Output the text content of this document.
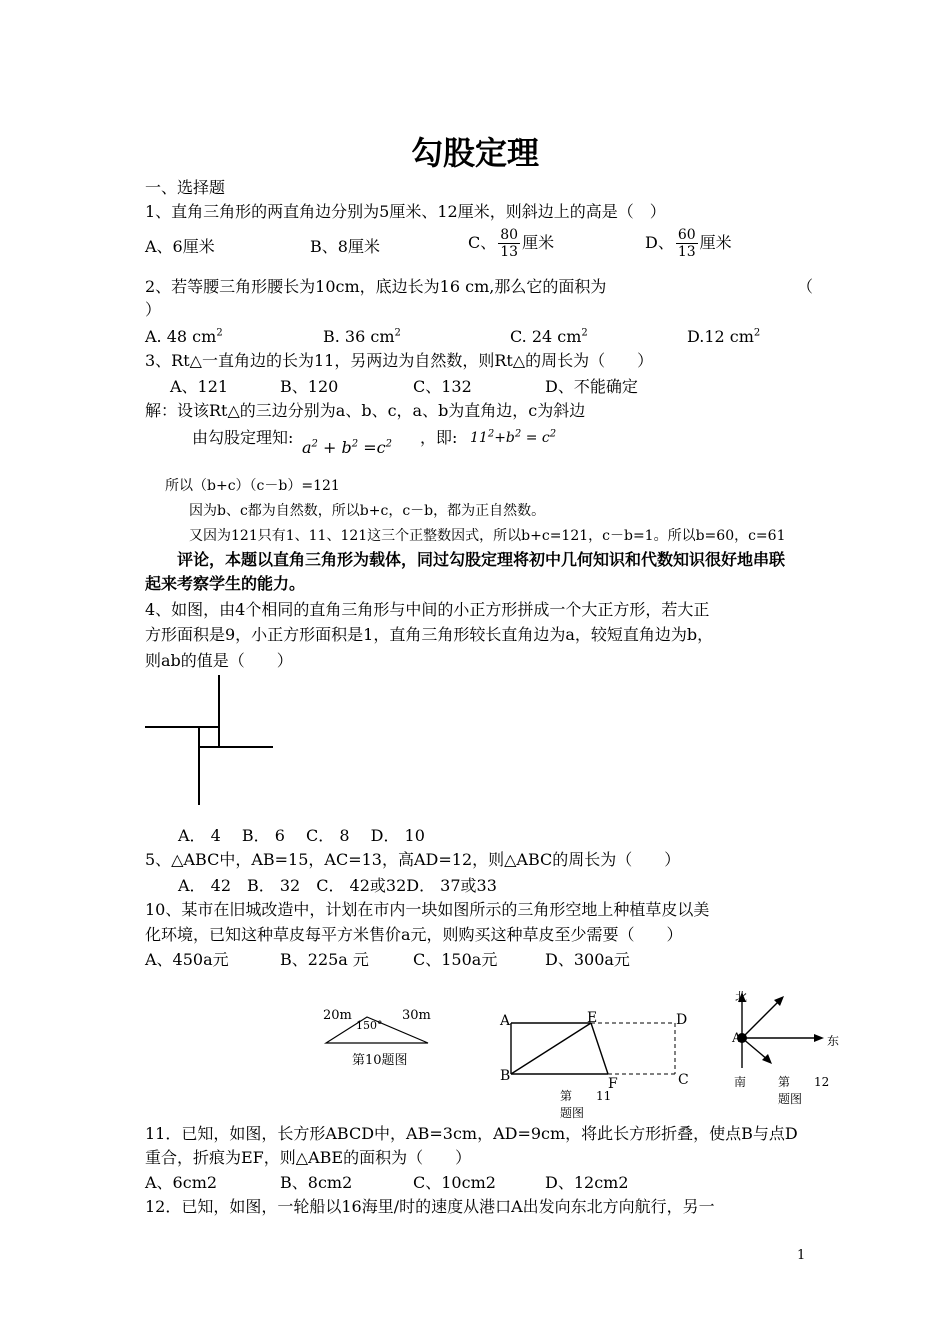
勾股定理
一、选择题
1、直角三角形的两直角边分别为5厘米、12厘米，则斜边上的高是（　）
A、6厘米	B、8厘米	C、 $\frac{80}{13}$ 厘米	D、 $\frac{60}{13}$ 厘米
2、若等腰三角形腰长为10cm，底边长为16 cm,那么它的面积为	（
）
A. 48 $cm^2$	B. 36 $cm^2$	C. 24 $cm^2$	D.12 $cm^2$
3、Rt△一直角边的长为11，另两边为自然数，则Rt△的周长为（　　）
A、121	B、120	C、132	D、不能确定
解：设该Rt△的三边分别为a、b、c，a、b为直角边，c为斜边
由勾股定理知:
$a^2 + b^2 =c^2$ ，即: $11^2+b^2 = c^2$
所以（b+c）（c－b）=121
因为b、c都为自然数，所以b+c，c－b，都为正自然数。
又因为121只有1、11、121这三个正整数因式，所以b+c=121，c－b=1。所以b=60，c=61
评论，本题以直角三角形为载体，同过勾股定理将初中几何知识和代数知识很好地串联
起来考察学生的能力。
4、如图，由4个相同的直角三角形与中间的小正方形拼成一个大正方形，若大正
方形面积是9，小正方形面积是1，直角三角形较长直角边为a，较短直角边为b，
则ab的值是（　　）
A． 4　 B． 6　 C． 8　 D． 10
5、△ABC中，AB=15，AC=13，高AD=12，则△ABC的周长为（　　）
A． 42　B． 32　C． 42或32D． 37或33
10、某市在旧城改造中，计划在市内一块如图所示的三角形空地上种植草皮以美
化环境，已知这种草皮每平方米售价a元，则购买这种草皮至少需要（　　）
A、450a元	B、225a 元	C、150a元	D、300a元
20m	30m
150°
第10题图
A	E	D
B	F	C
第　　11
题图
北
东
A
南	第　　12
题图
11．已知，如图，长方形ABCD中，AB=3cm，AD=9cm，将此长方形折叠，使点B与点D
重合，折痕为EF，则△ABE的面积为（　　）
A、6cm2	B、8cm2	C、10cm2	D、12cm2
12．已知，如图，一轮船以16海里/时的速度从港口A出发向东北方向航行，另一
1
